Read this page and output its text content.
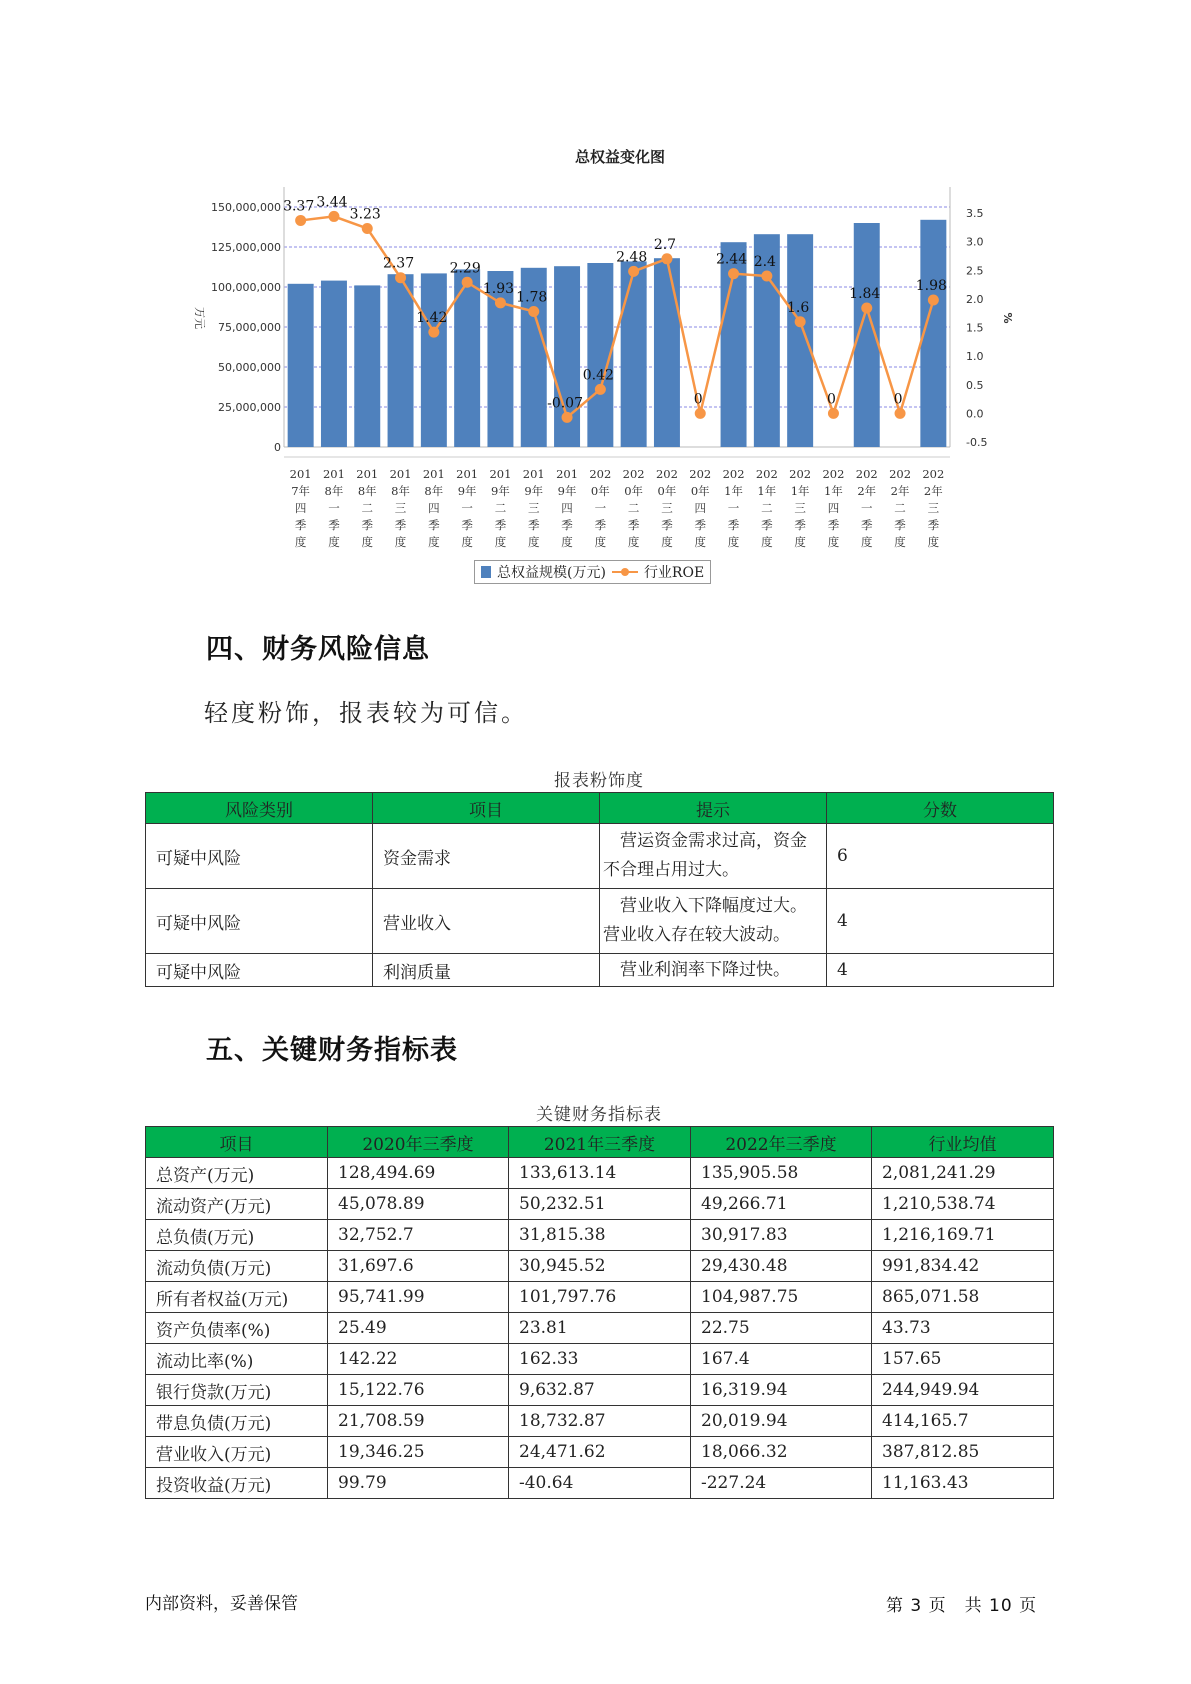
总权益变化图
0
25,000,000
50,000,000
75,000,000
100,000,000
125,000,000
150,000,000
-0.5
0.0
0.5
1.0
1.5
2.0
2.5
3.0
3.5
万元	%
3.37 3.44
3.23
2.37
1.42
2.29
1.93
1.78
-0.07
0.42
2.48
2.7
0
2.44 2.4
1.6
0
1.84
0
1.98
201
7年
四
季
度
201
8年
一
季
度
201
8年
二
季
度
201
8年
三
季
度
201
8年
四
季
度
201
9年
一
季
度
201
9年
二
季
度
201
9年
三
季
度
201
9年
四
季
度
202
0年
一
季
度
202
0年
二
季
度
202
0年
三
季
度
202
0年
四
季
度
202
1年
一
季
度
202
1年
二
季
度
202
1年
三
季
度
202
1年
四
季
度
202
2年
一
季
度
202
2年
二
季
度
202
2年
三
季
度
总权益规模(万元)	行业ROE
四、财务风险信息
轻度粉饰，报表较为可信。
报表粉饰度
风险类别	项目	提示	分数
可疑中风险	资金需求	　营运资金需求过高，资金不合理占用过大。	6
可疑中风险	营业收入	　营业收入下降幅度过大。营业收入存在较大波动。	4
可疑中风险	利润质量	　营业利润率下降过快。	4
五、关键财务指标表
关键财务指标表
项目	2020年三季度	2021年三季度	2022年三季度	行业均值
总资产(万元)	128,494.69	133,613.14	135,905.58	2,081,241.29
流动资产(万元)	45,078.89	50,232.51	49,266.71	1,210,538.74
总负债(万元)	32,752.7	31,815.38	30,917.83	1,216,169.71
流动负债(万元)	31,697.6	30,945.52	29,430.48	991,834.42
所有者权益(万元)	95,741.99	101,797.76	104,987.75	865,071.58
资产负债率(%)	25.49	23.81	22.75	43.73
流动比率(%)	142.22	162.33	167.4	157.65
银行贷款(万元)	15,122.76	9,632.87	16,319.94	244,949.94
带息负债(万元)	21,708.59	18,732.87	20,019.94	414,165.7
营业收入(万元)	19,346.25	24,471.62	18,066.32	387,812.85
投资收益(万元)	99.79	-40.64	-227.24	11,163.43
内部资料，妥善保管	第 3 页　共 10 页
